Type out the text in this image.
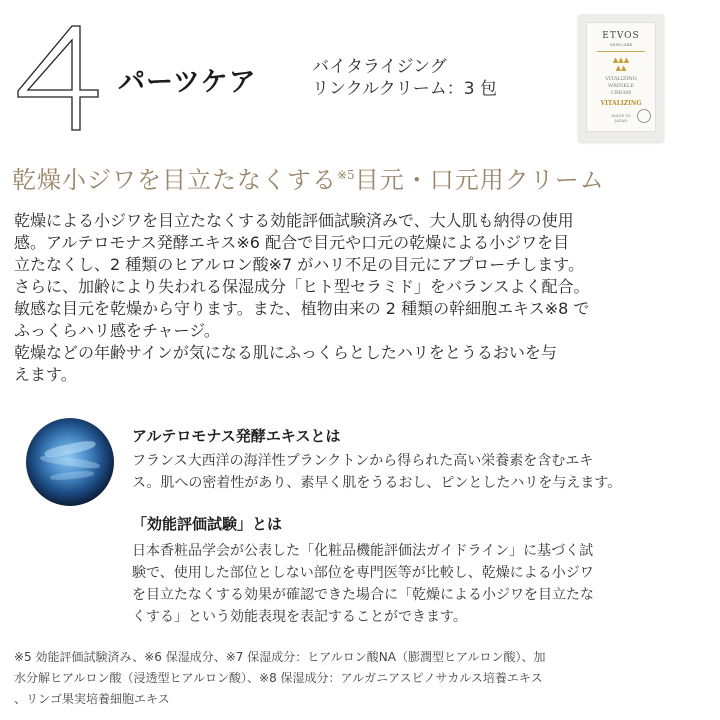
パーツケア	バイタライジング
リンクルクリーム：3 包
ETVOS
SKINCARE
▲▲▲
▲▲
VITALIZING
WRINKLE
CREAM
VITALIZING
MADE IN
JAPAN
乾燥小ジワを目立たなくする$^{※5}$目元・口元用クリーム
乾燥による小ジワを目立たなくする効能評価試験済みで、大人肌も納得の使用
感。アルテロモナス発酵エキス※6 配合で目元や口元の乾燥による小ジワを目
立たなくし、2 種類のヒアルロン酸※7 がハリ不足の目元にアプローチします。
さらに、加齢により失われる保湿成分「ヒト型セラミド」をバランスよく配合。
敏感な目元を乾燥から守ります。また、植物由来の 2 種類の幹細胞エキス※8 で
ふっくらハリ感をチャージ。
乾燥などの年齢サインが気になる肌にふっくらとしたハリをとうるおいを与
えます。
アルテロモナス発酵エキスとは
フランス大西洋の海洋性プランクトンから得られた高い栄養素を含むエキ
ス。肌への密着性があり、素早く肌をうるおし、ピンとしたハリを与えます。
「効能評価試験」とは
日本香粧品学会が公表した「化粧品機能評価法ガイドライン」に基づく試
験で、使用した部位としない部位を専門医等が比較し、乾燥による小ジワ
を目立たなくする効果が確認できた場合に「乾燥による小ジワを目立たな
くする」という効能表現を表記することができます。
※5 効能評価試験済み、※6 保湿成分、※7 保湿成分：ヒアルロン酸NA（膨潤型ヒアルロン酸）、加
水分解ヒアルロン酸（浸透型ヒアルロン酸）、※8 保湿成分：アルガニアスピノサカルス培養エキス
、リンゴ果実培養細胞エキス
